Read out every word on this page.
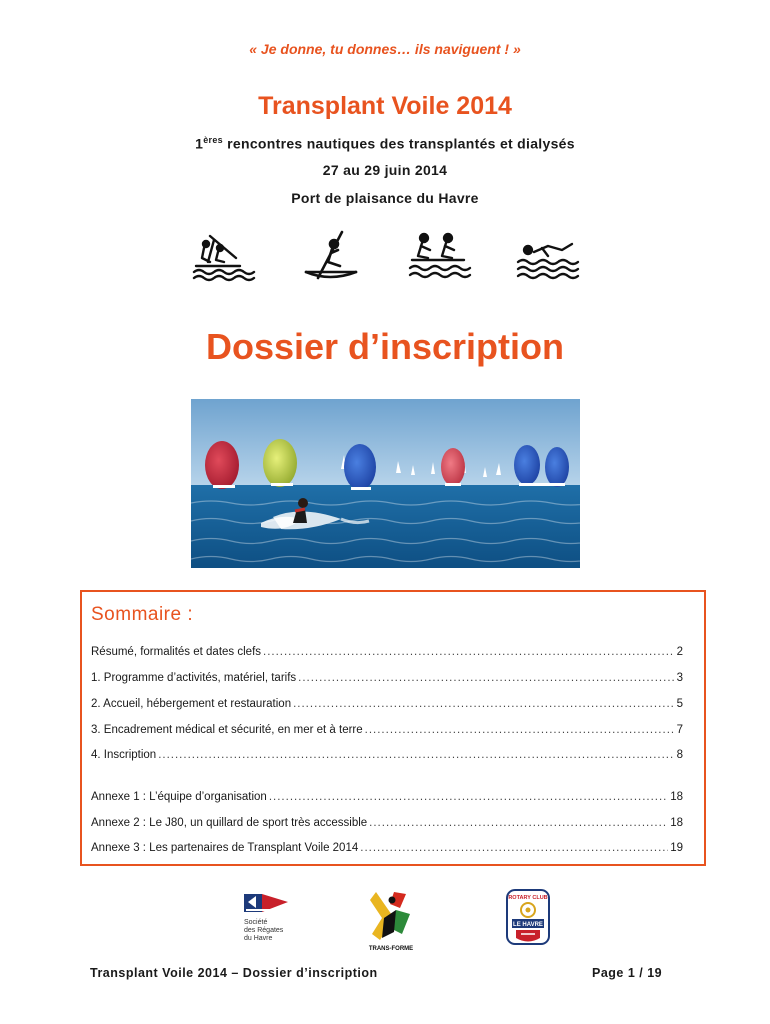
« Je donne, tu donnes… ils naviguent ! »
Transplant Voile 2014
1ères rencontres nautiques des transplantés et dialysés
27 au 29 juin 2014
Port de plaisance du Havre
Dossier d’inscription
Sommaire :
Résumé, formalités et dates clefs .....	2
1. Programme d’activités, matériel, tarifs .....	3
2. Accueil, hébergement et restauration .....	5
3. Encadrement médical et sécurité, en mer et à terre .....	7
4. Inscription .....	8
Annexe 1 : L’équipe d’organisation .....	18
Annexe 2 : Le J80, un quillard de sport très accessible .....	18
Annexe 3 : Les partenaires de Transplant Voile 2014 .....	19
Société
des Régates
du Havre
TRANS-FORME
ROTARY CLUB
LE HAVRE
Transplant Voile 2014 – Dossier d’inscription	Page 1 / 19
